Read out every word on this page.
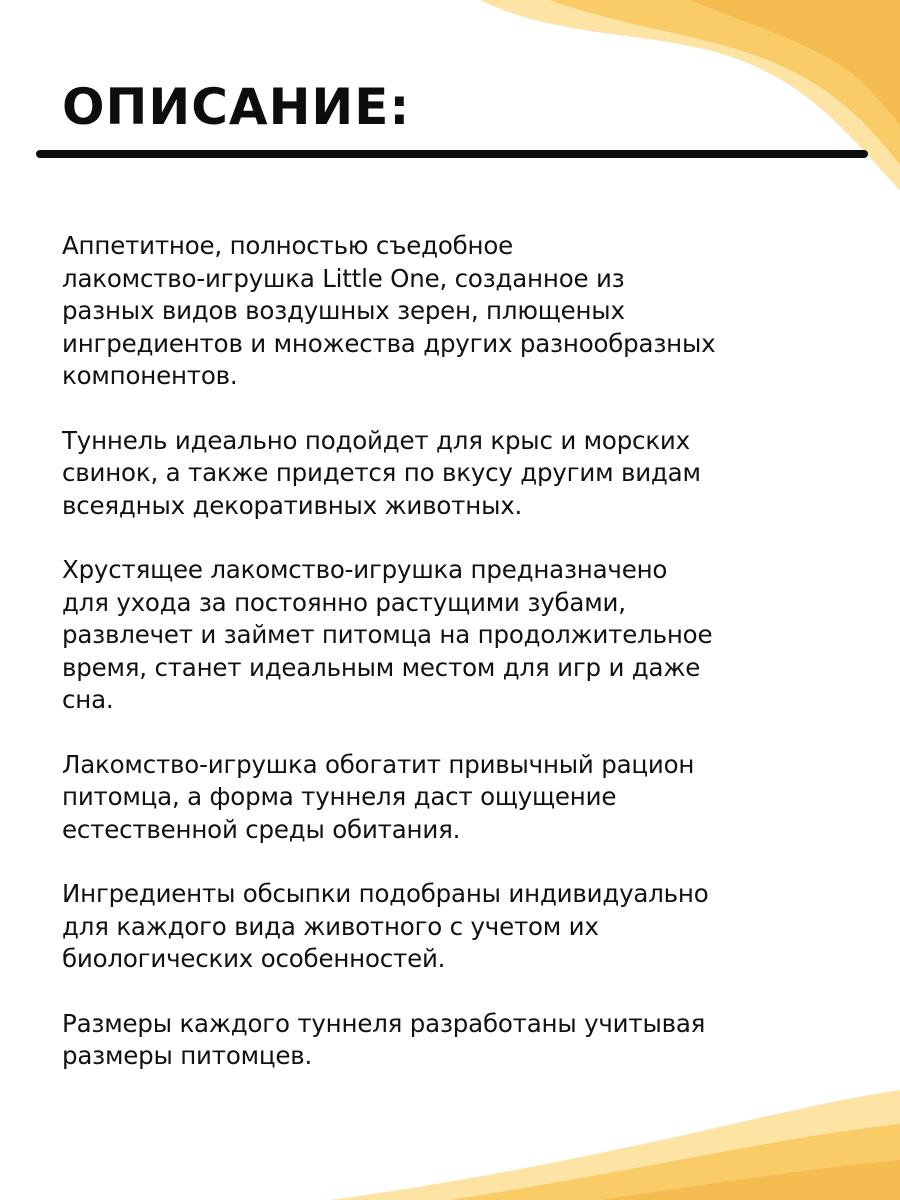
ОПИСАНИЕ:

Аппетитное, полностью съедобное
лакомство-игрушка Little One, созданное из
разных видов воздушных зерен, плющеных
ингредиентов и множества других разнообразных
компонентов.

Туннель идеально подойдет для крыс и морских
свинок, а также придется по вкусу другим видам
всеядных декоративных животных.

Хрустящее лакомство-игрушка предназначено
для ухода за постоянно растущими зубами,
развлечет и займет питомца на продолжительное
время, станет идеальным местом для игр и даже
сна.

Лакомство-игрушка обогатит привычный рацион
питомца, а форма туннеля даст ощущение
естественной среды обитания.

Ингредиенты обсыпки подобраны индивидуально
для каждого вида животного с учетом их
биологических особенностей.

Размеры каждого туннеля разработаны учитывая
размеры питомцев.
